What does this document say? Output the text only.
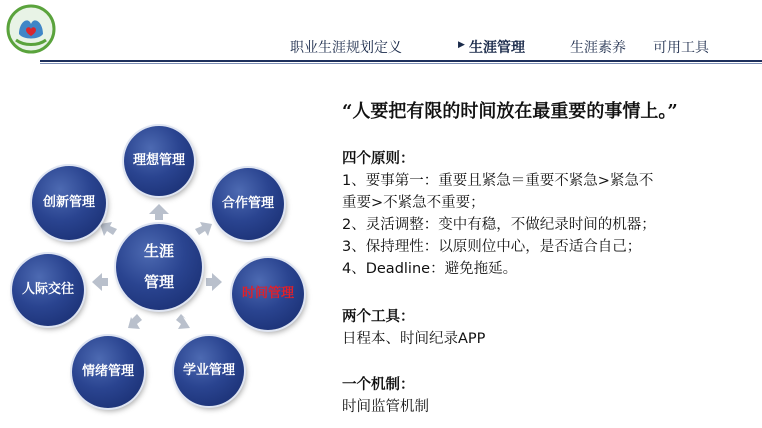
职业生涯规划定义	▶ 生涯管理	生涯素养 可用工具
生涯管理
理想管理
合作管理
时间管理
学业管理
情绪管理
人际交往
创新管理
“人要把有限的时间放在最重要的事情上。”
四个原则：
1、要事第一：重要且紧急＝重要不紧急>紧急不
重要>不紧急不重要；
2、灵活调整：变中有稳，不做纪录时间的机器；
3、保持理性：以原则位中心，是否适合自己；
4、Deadline：避免拖延。
两个工具：
日程本、时间纪录APP
一个机制：
时间监管机制
